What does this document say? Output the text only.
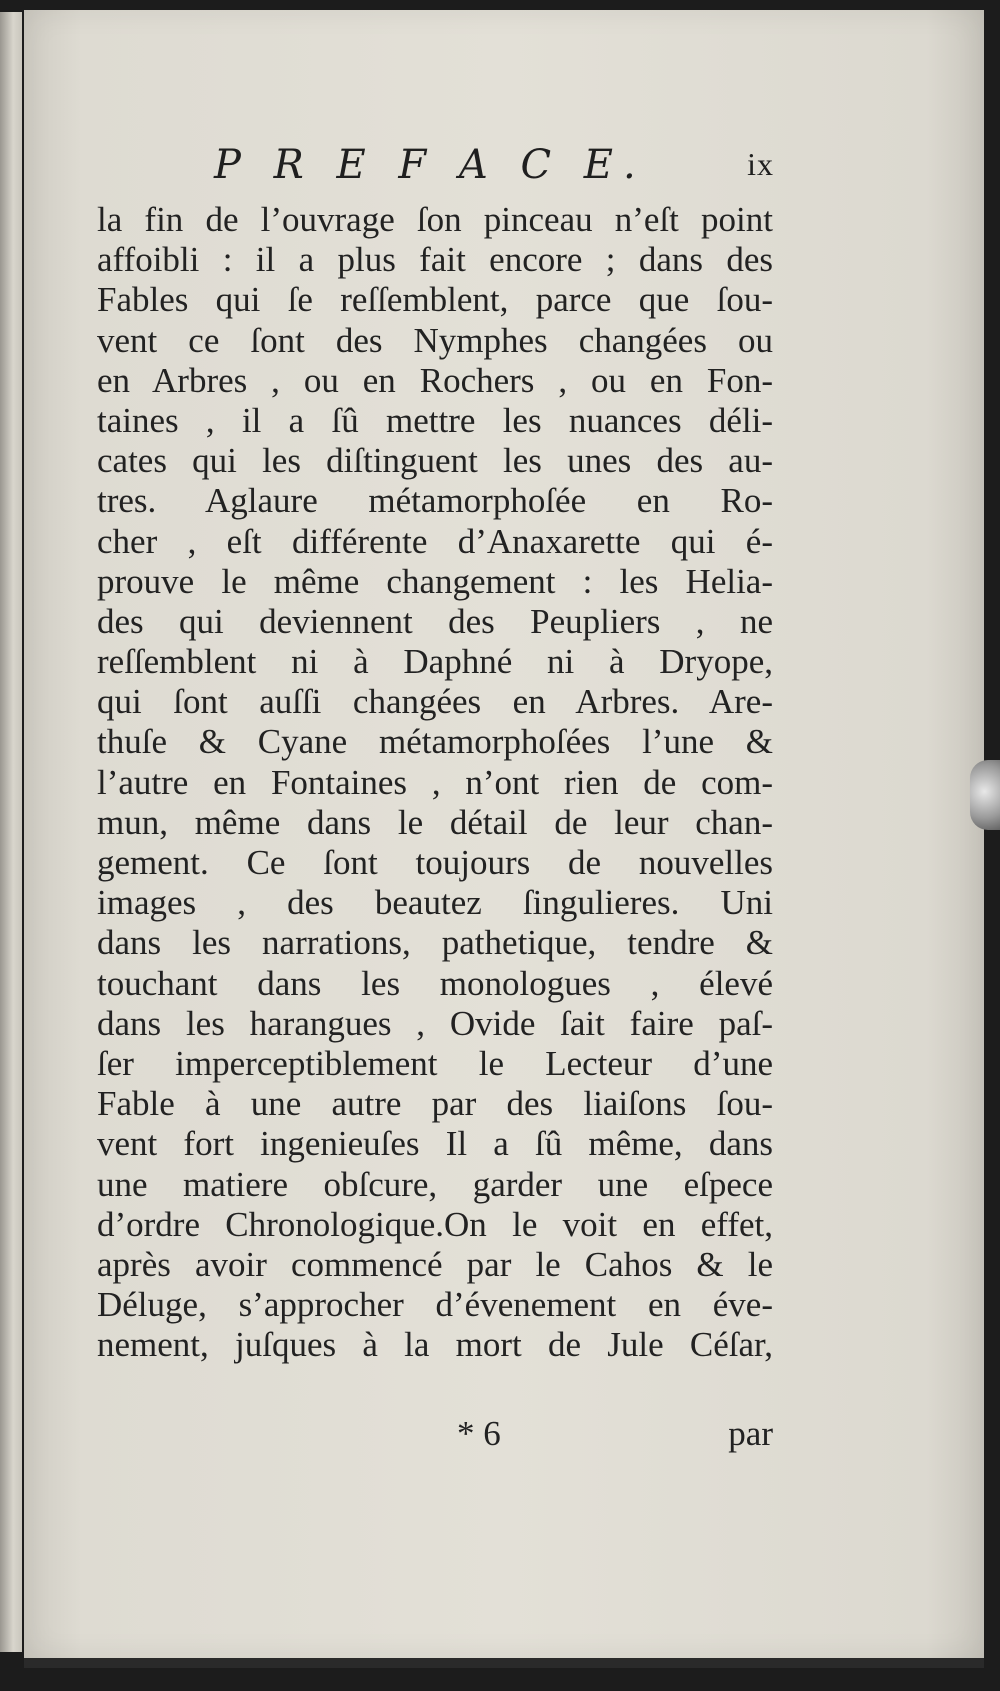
P R E F A C E.	ix
la fin de l’ouvrage ſon pinceau n’eſt point
affoibli : il a plus fait encore ; dans des
Fables qui ſe reſſemblent, parce que ſou-
vent ce ſont des Nymphes changées ou
en Arbres , ou en Rochers , ou en Fon-
taines , il a ſû mettre les nuances déli-
cates qui les diſtinguent les unes des au-
tres. Aglaure métamorphoſée en Ro-
cher , eſt différente d’Anaxarette qui é-
prouve le même changement : les Helia-
des qui deviennent des Peupliers , ne
reſſemblent ni à Daphné ni à Dryope,
qui ſont auſſi changées en Arbres. Are-
thuſe & Cyane métamorphoſées l’une &
l’autre en Fontaines , n’ont rien de com-
mun, même dans le détail de leur chan-
gement. Ce ſont toujours de nouvelles
images , des beautez ſingulieres. Uni
dans les narrations, pathetique, tendre &
touchant dans les monologues , élevé
dans les harangues , Ovide ſait faire paſ-
ſer imperceptiblement le Lecteur d’une
Fable à une autre par des liaiſons ſou-
vent fort ingenieuſes Il a ſû même, dans
une matiere obſcure, garder une eſpece
d’ordre Chronologique.On le voit en effet,
après avoir commencé par le Cahos & le
Déluge, s’approcher d’évenement en éve-
nement, juſques à la mort de Jule Céſar,
* 6	par
